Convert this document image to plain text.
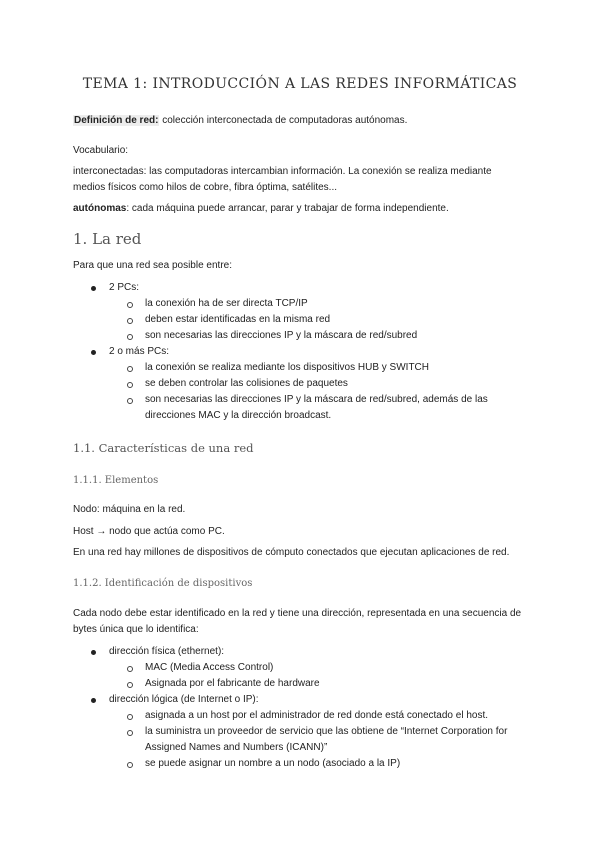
TEMA 1: INTRODUCCIÓN A LAS REDES INFORMÁTICAS
Definición de red: colección interconectada de computadoras autónomas.
Vocabulario:
interconectadas: las computadoras intercambian información. La conexión se realiza mediante
medios físicos como hilos de cobre, fibra óptima, satélites...
autónomas: cada máquina puede arrancar, parar y trabajar de forma independiente.
1. La red
Para que una red sea posible entre:
2 PCs:
la conexión ha de ser directa TCP/IP
deben estar identificadas en la misma red
son necesarias las direcciones IP y la máscara de red/subred
2 o más PCs:
la conexión se realiza mediante los dispositivos HUB y SWITCH
se deben controlar las colisiones de paquetes
son necesarias las direcciones IP y la máscara de red/subred, además de las
direcciones MAC y la dirección broadcast.
1.1. Características de una red
1.1.1. Elementos
Nodo: máquina en la red.
Host → nodo que actúa como PC.
En una red hay millones de dispositivos de cómputo conectados que ejecutan aplicaciones de red.
1.1.2. Identificación de dispositivos
Cada nodo debe estar identificado en la red y tiene una dirección, representada en una secuencia de
bytes única que lo identifica:
dirección física (ethernet):
MAC (Media Access Control)
Asignada por el fabricante de hardware
dirección lógica (de Internet o IP):
asignada a un host por el administrador de red donde está conectado el host.
la suministra un proveedor de servicio que las obtiene de “Internet Corporation for
Assigned Names and Numbers (ICANN)”
se puede asignar un nombre a un nodo (asociado a la IP)
